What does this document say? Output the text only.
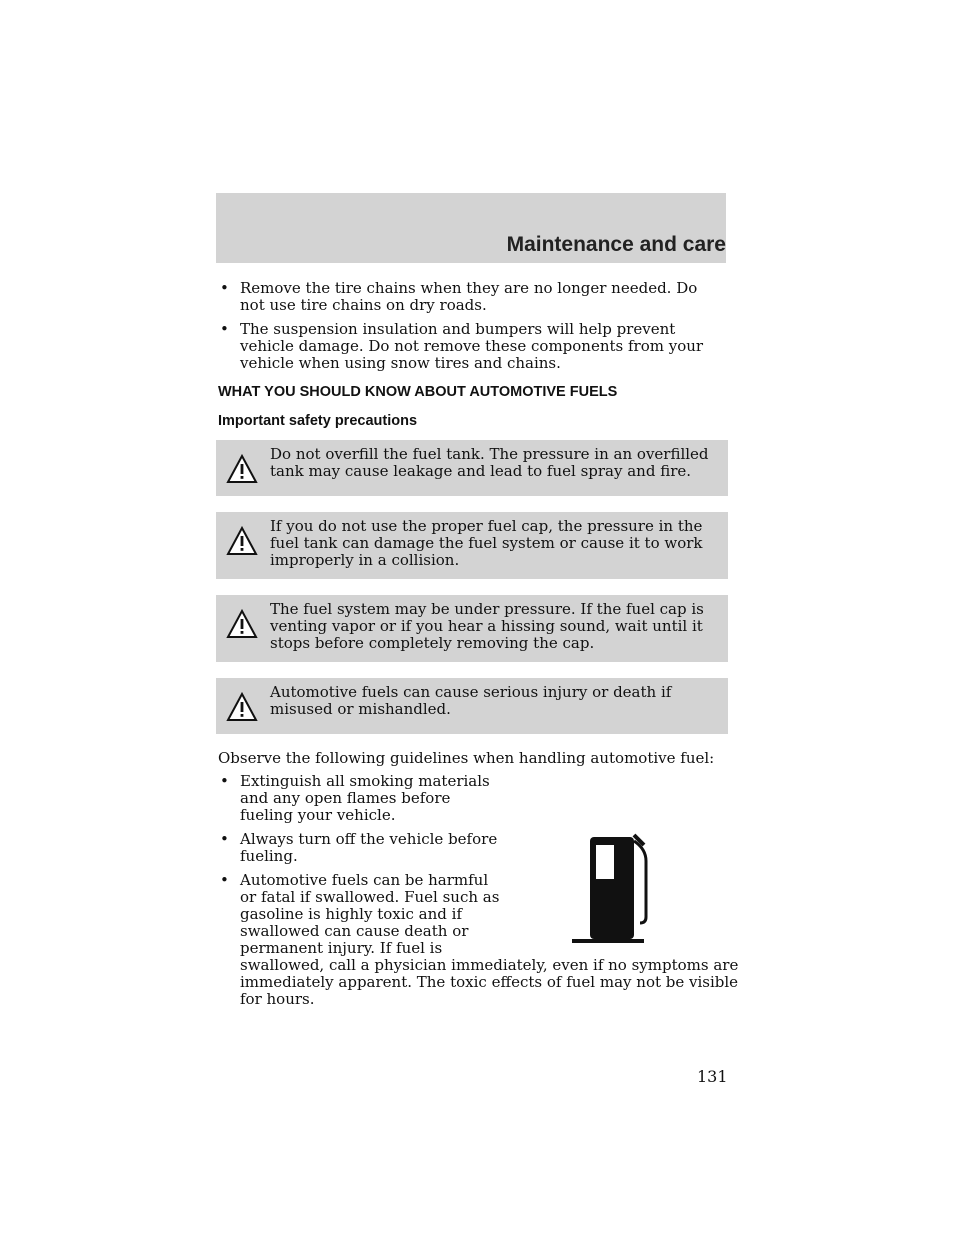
Maintenance and care
• Remove the tire chains when they are no longer needed. Do not use tire chains on dry roads.
• The suspension insulation and bumpers will help prevent vehicle damage. Do not remove these components from your vehicle when using snow tires and chains.
WHAT YOU SHOULD KNOW ABOUT AUTOMOTIVE FUELS
Important safety precautions

Do not overfill the fuel tank. The pressure in an overfilled tank may cause leakage and lead to fuel spray and fire.

If you do not use the proper fuel cap, the pressure in the fuel tank can damage the fuel system or cause it to work improperly in a collision.

The fuel system may be under pressure. If the fuel cap is venting vapor or if you hear a hissing sound, wait until it stops before completely removing the cap.

Automotive fuels can cause serious injury or death if misused or mishandled.

Observe the following guidelines when handling automotive fuel:

• Extinguish all smoking materials and any open flames before fueling your vehicle.
• Always turn off the vehicle before fueling.
• Automotive fuels can be harmful or fatal if swallowed. Fuel such as gasoline is highly toxic and if swallowed can cause death or permanent injury. If fuel is swallowed, call a physician immediately, even if no symptoms are immediately apparent. The toxic effects of fuel may not be visible for hours.
131
